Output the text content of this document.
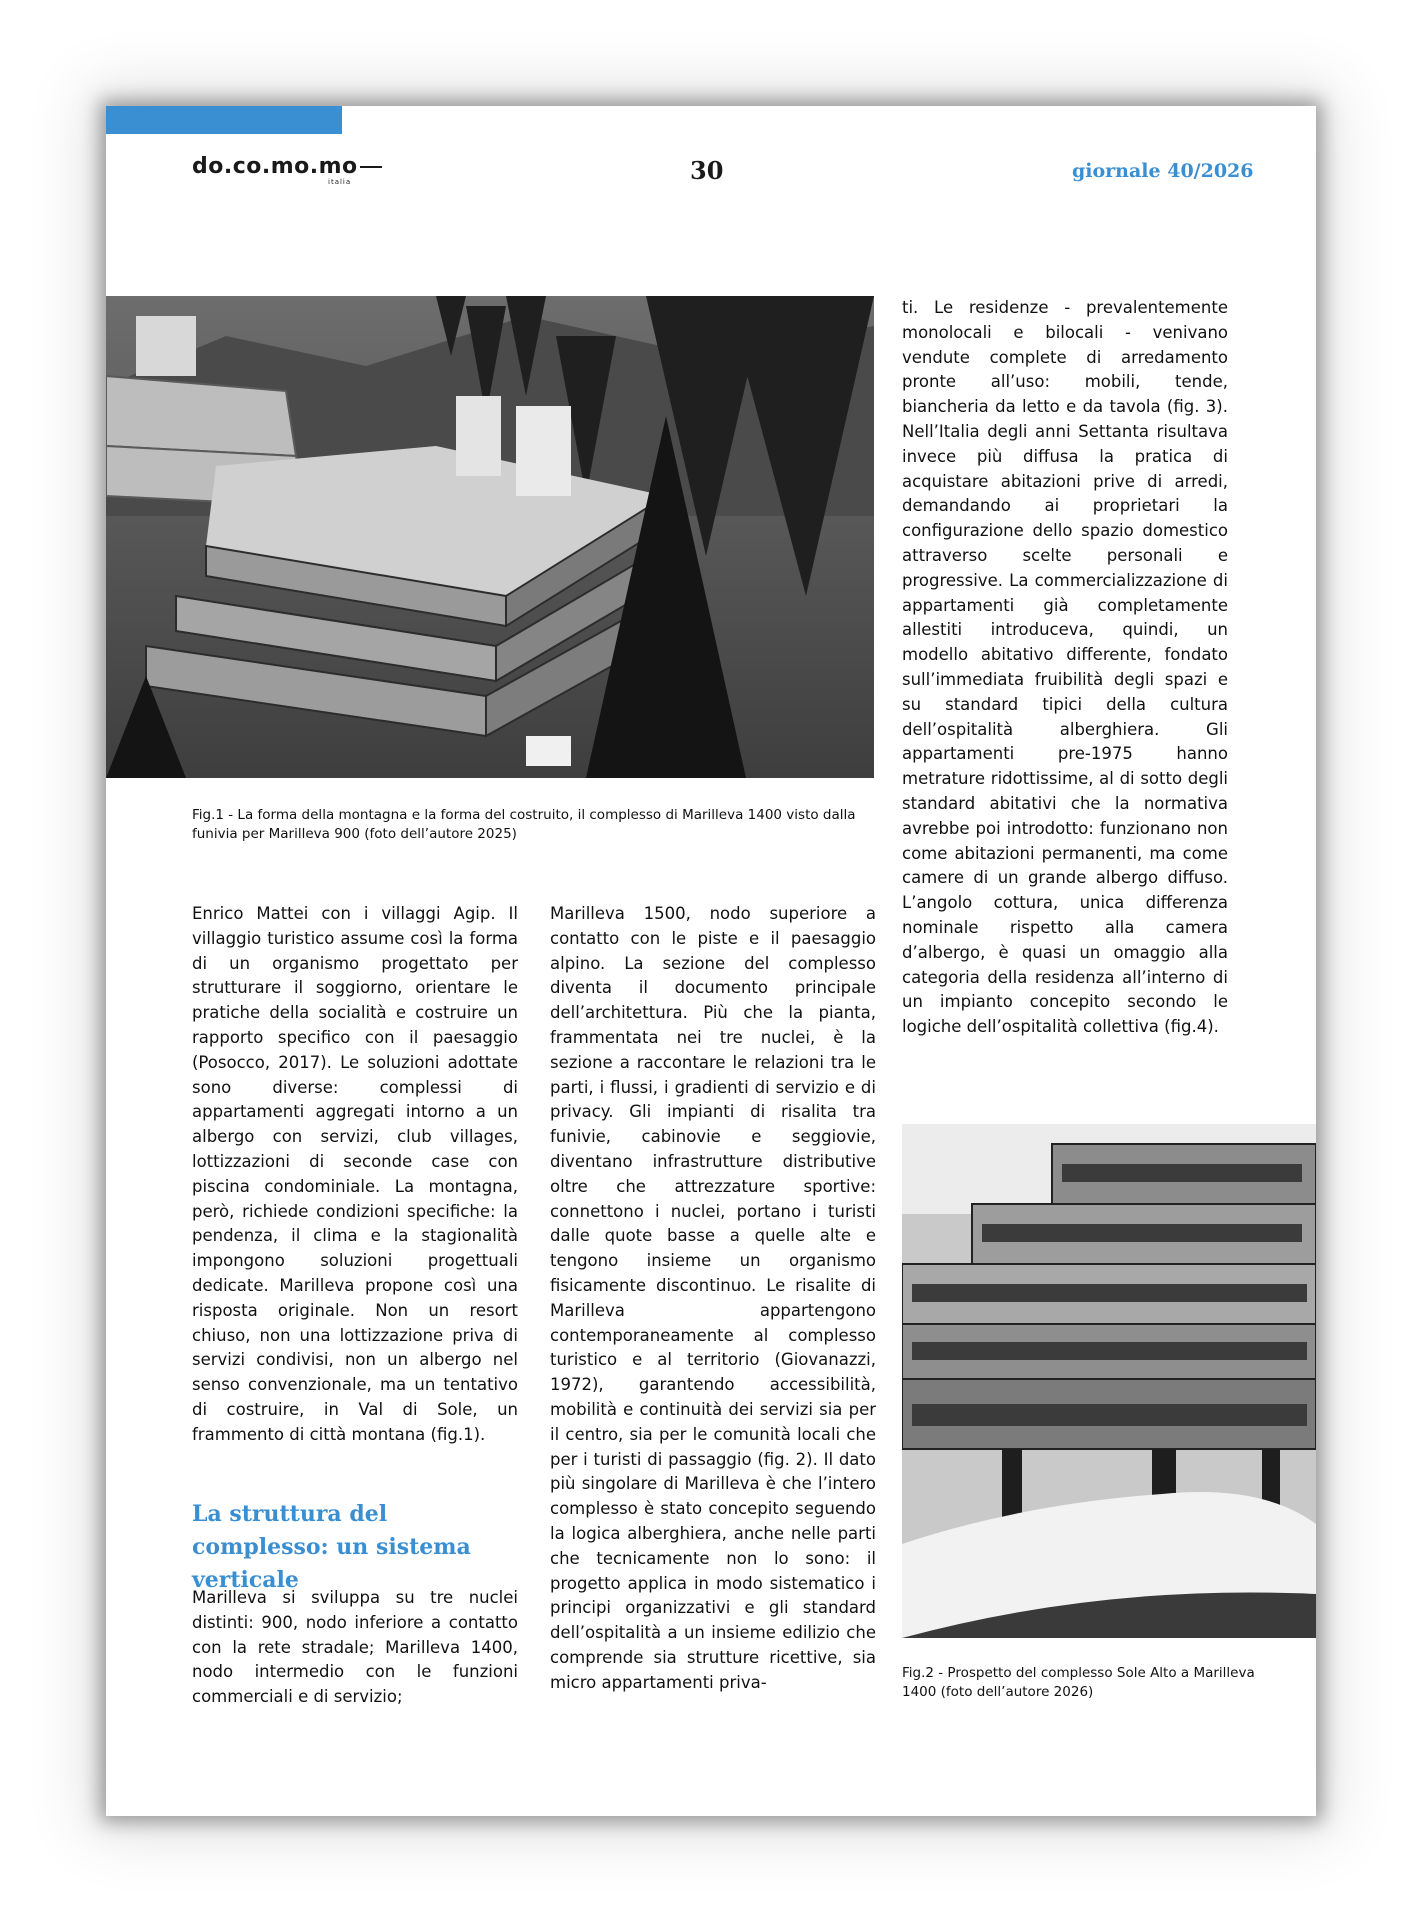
do.co.mo.mo
italia	30	giornale 40/2026
Fig.1 - La forma della montagna e la forma del costruito, il complesso di Marilleva 1400 visto dalla funivia per Marilleva 900 (foto dell’autore 2025)

Enrico Mattei con i villaggi Agip. Il villaggio turistico assume così la forma di un organismo progettato per strutturare il soggiorno, orientare le pratiche della socialità e costruire un rapporto specifico con il paesaggio (Posocco, 2017). Le soluzioni adottate sono diverse: complessi di appartamenti aggregati intorno a un albergo con servizi, club villages, lottizzazioni di seconde case con piscina condominiale. La montagna, però, richiede condizioni specifiche: la pendenza, il clima e la stagionalità impongono soluzioni progettuali dedicate. Marilleva propone così una risposta originale. Non un resort chiuso, non una lottizzazione priva di servizi condivisi, non un albergo nel senso convenzionale, ma un tentativo di costruire, in Val di Sole, un frammento di città montana (fig.1).

La struttura del complesso: un sistema verticale

Marilleva si sviluppa su tre nuclei distinti: 900, nodo inferiore a contatto con la rete stradale; Marilleva 1400, nodo intermedio con le funzioni commerciali e di servizio;

Marilleva 1500, nodo superiore a contatto con le piste e il paesaggio alpino. La sezione del complesso diventa il documento principale dell’architettura. Più che la pianta, frammentata nei tre nuclei, è la sezione a raccontare le relazioni tra le parti, i flussi, i gradienti di servizio e di privacy. Gli impianti di risalita tra funivie, cabinovie e seggiovie, diventano infrastrutture distributive oltre che attrezzature sportive: connettono i nuclei, portano i turisti dalle quote basse a quelle alte e tengono insieme un organismo fisicamente discontinuo. Le risalite di Marilleva appartengono contemporaneamente al complesso turistico e al territorio (Giovanazzi, 1972), garantendo accessibilità, mobilità e continuità dei servizi sia per il centro, sia per le comunità locali che per i turisti di passaggio (fig. 2). Il dato più singolare di Marilleva è che l’intero complesso è stato concepito seguendo la logica alberghiera, anche nelle parti che tecnicamente non lo sono: il progetto applica in modo sistematico i principi organizzativi e gli standard dell’ospitalità a un insieme edilizio che comprende sia strutture ricettive, sia micro appartamenti priva-

ti. Le residenze - prevalentemente monolocali e bilocali - venivano vendute complete di arredamento pronte all’uso: mobili, tende, biancheria da letto e da tavola (fig. 3). Nell’Italia degli anni Settanta risultava invece più diffusa la pratica di acquistare abitazioni prive di arredi, demandando ai proprietari la configurazione dello spazio domestico attraverso scelte personali e progressive. La commercializzazione di appartamenti già completamente allestiti introduceva, quindi, un modello abitativo differente, fondato sull’immediata fruibilità degli spazi e su standard tipici della cultura dell’ospitalità alberghiera. Gli appartamenti pre-1975 hanno metrature ridottissime, al di sotto degli standard abitativi che la normativa avrebbe poi introdotto: funzionano non come abitazioni permanenti, ma come camere di un grande albergo diffuso. L’angolo cottura, unica differenza nominale rispetto alla camera d’albergo, è quasi un omaggio alla categoria della residenza all’interno di un impianto concepito secondo le logiche dell’ospitalità collettiva (fig.4).

Fig.2 - Prospetto del complesso Sole Alto a Marilleva 1400 (foto dell’autore 2026)
